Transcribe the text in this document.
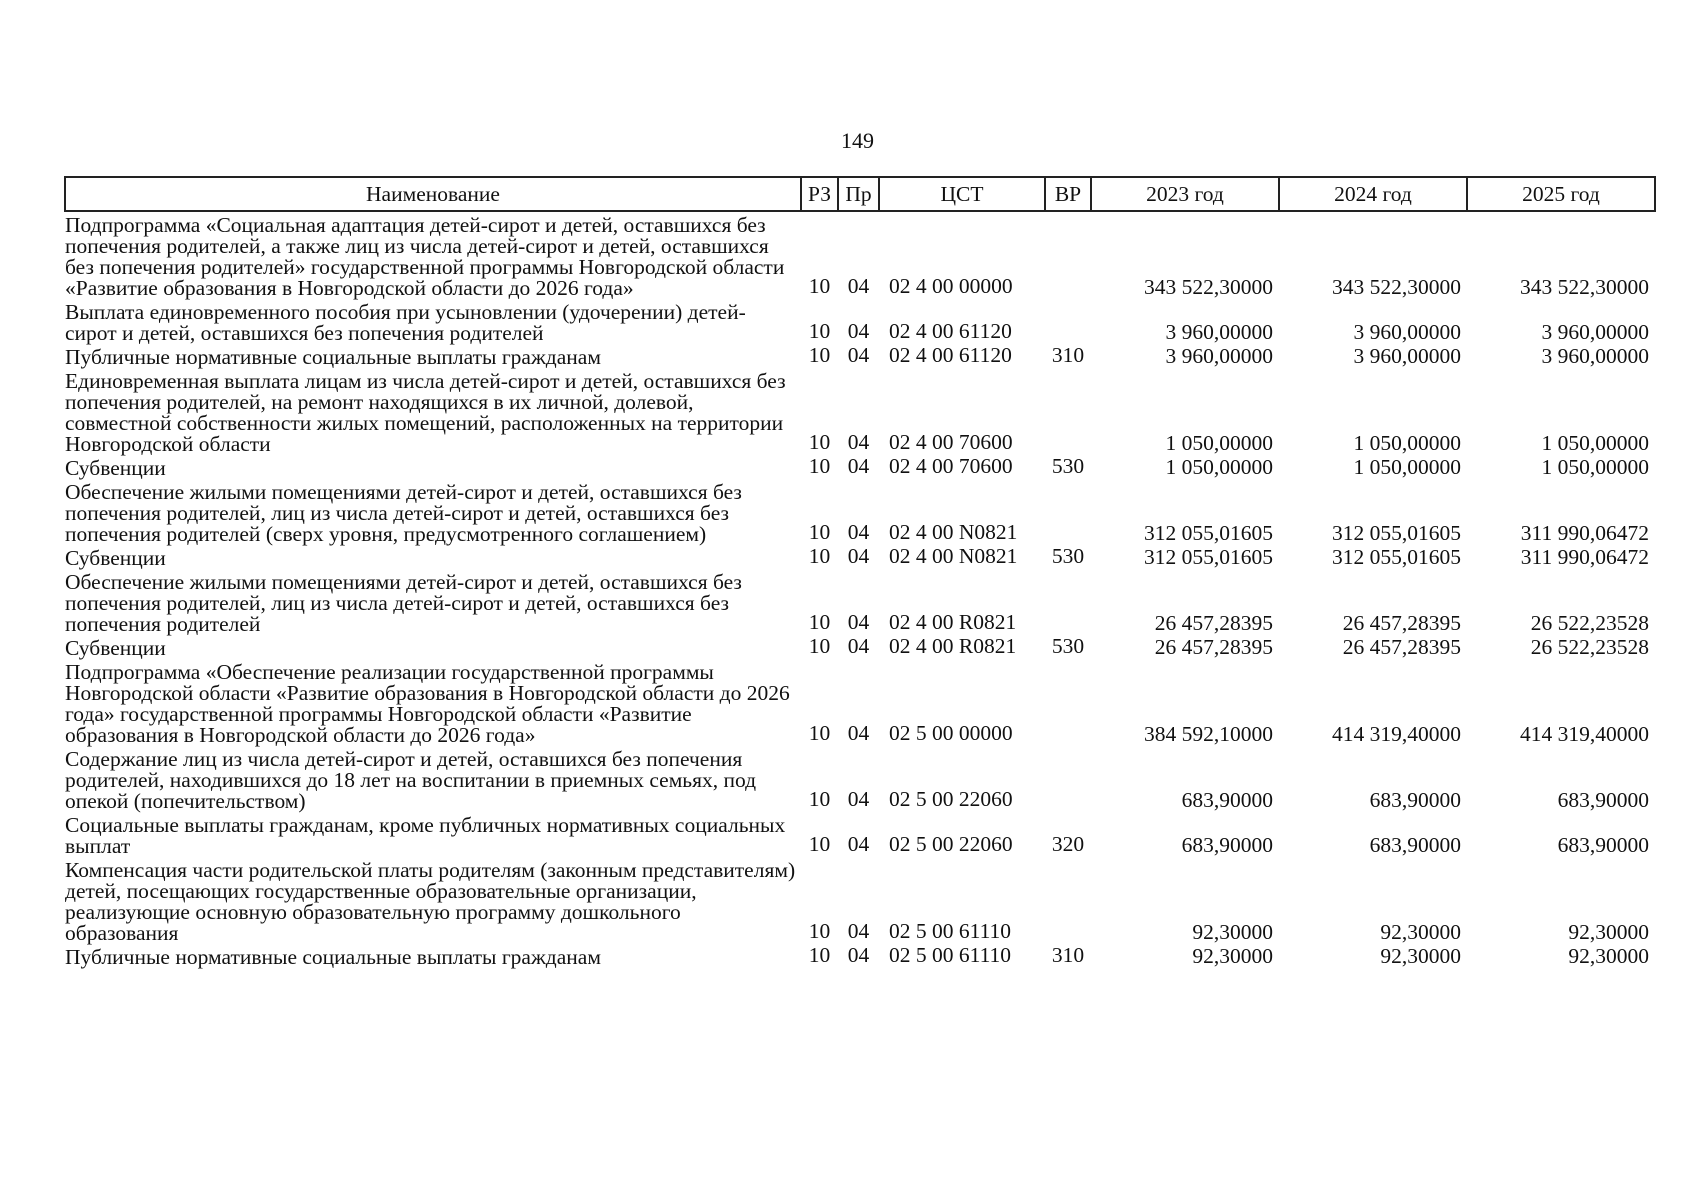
149
Наименование	РЗ	Пр	ЦСТ	ВР	2023 год	2024 год	2025 год
Подпрограмма «Социальная адаптация детей-сирот и детей, оставшихся без попечения родителей, а также лиц из числа детей-сирот и детей, оставшихся без попечения родителей» государственной программы Новгородской области «Развитие образования в Новгородской области до 2026 года»	10	04	02 4 00 00000		343 522,30000	343 522,30000	343 522,30000
Выплата единовременного пособия при усыновлении (удочерении) детей-сирот и детей, оставшихся без попечения родителей	10	04	02 4 00 61120		3 960,00000	3 960,00000	3 960,00000
Публичные нормативные социальные выплаты гражданам	10	04	02 4 00 61120	310	3 960,00000	3 960,00000	3 960,00000
Единовременная выплата лицам из числа детей-сирот и детей, оставшихся без попечения родителей, на ремонт находящихся в их личной, долевой, совместной собственности жилых помещений, расположенных на территории Новгородской области	10	04	02 4 00 70600		1 050,00000	1 050,00000	1 050,00000
Субвенции	10	04	02 4 00 70600	530	1 050,00000	1 050,00000	1 050,00000
Обеспечение жилыми помещениями детей-сирот и детей, оставшихся без попечения родителей, лиц из числа детей-сирот и детей, оставшихся без попечения родителей (сверх уровня, предусмотренного соглашением)	10	04	02 4 00 N0821		312 055,01605	312 055,01605	311 990,06472
Субвенции	10	04	02 4 00 N0821	530	312 055,01605	312 055,01605	311 990,06472
Обеспечение жилыми помещениями детей-сирот и детей, оставшихся без попечения родителей, лиц из числа детей-сирот и детей, оставшихся без попечения родителей	10	04	02 4 00 R0821		26 457,28395	26 457,28395	26 522,23528
Субвенции	10	04	02 4 00 R0821	530	26 457,28395	26 457,28395	26 522,23528
Подпрограмма «Обеспечение реализации государственной программы Новгородской области «Развитие образования в Новгородской области до 2026 года» государственной программы Новгородской области «Развитие образования в Новгородской области до 2026 года»	10	04	02 5 00 00000		384 592,10000	414 319,40000	414 319,40000
Содержание лиц из числа детей-сирот и детей, оставшихся без попечения родителей, находившихся до 18 лет на воспитании в приемных семьях, под опекой (попечительством)	10	04	02 5 00 22060		683,90000	683,90000	683,90000
Социальные выплаты гражданам, кроме публичных нормативных социальных выплат	10	04	02 5 00 22060	320	683,90000	683,90000	683,90000
Компенсация части родительской платы родителям (законным представителям) детей, посещающих государственные образовательные организации, реализующие основную образовательную программу дошкольного образования	10	04	02 5 00 61110		92,30000	92,30000	92,30000
Публичные нормативные социальные выплаты гражданам	10	04	02 5 00 61110	310	92,30000	92,30000	92,30000
